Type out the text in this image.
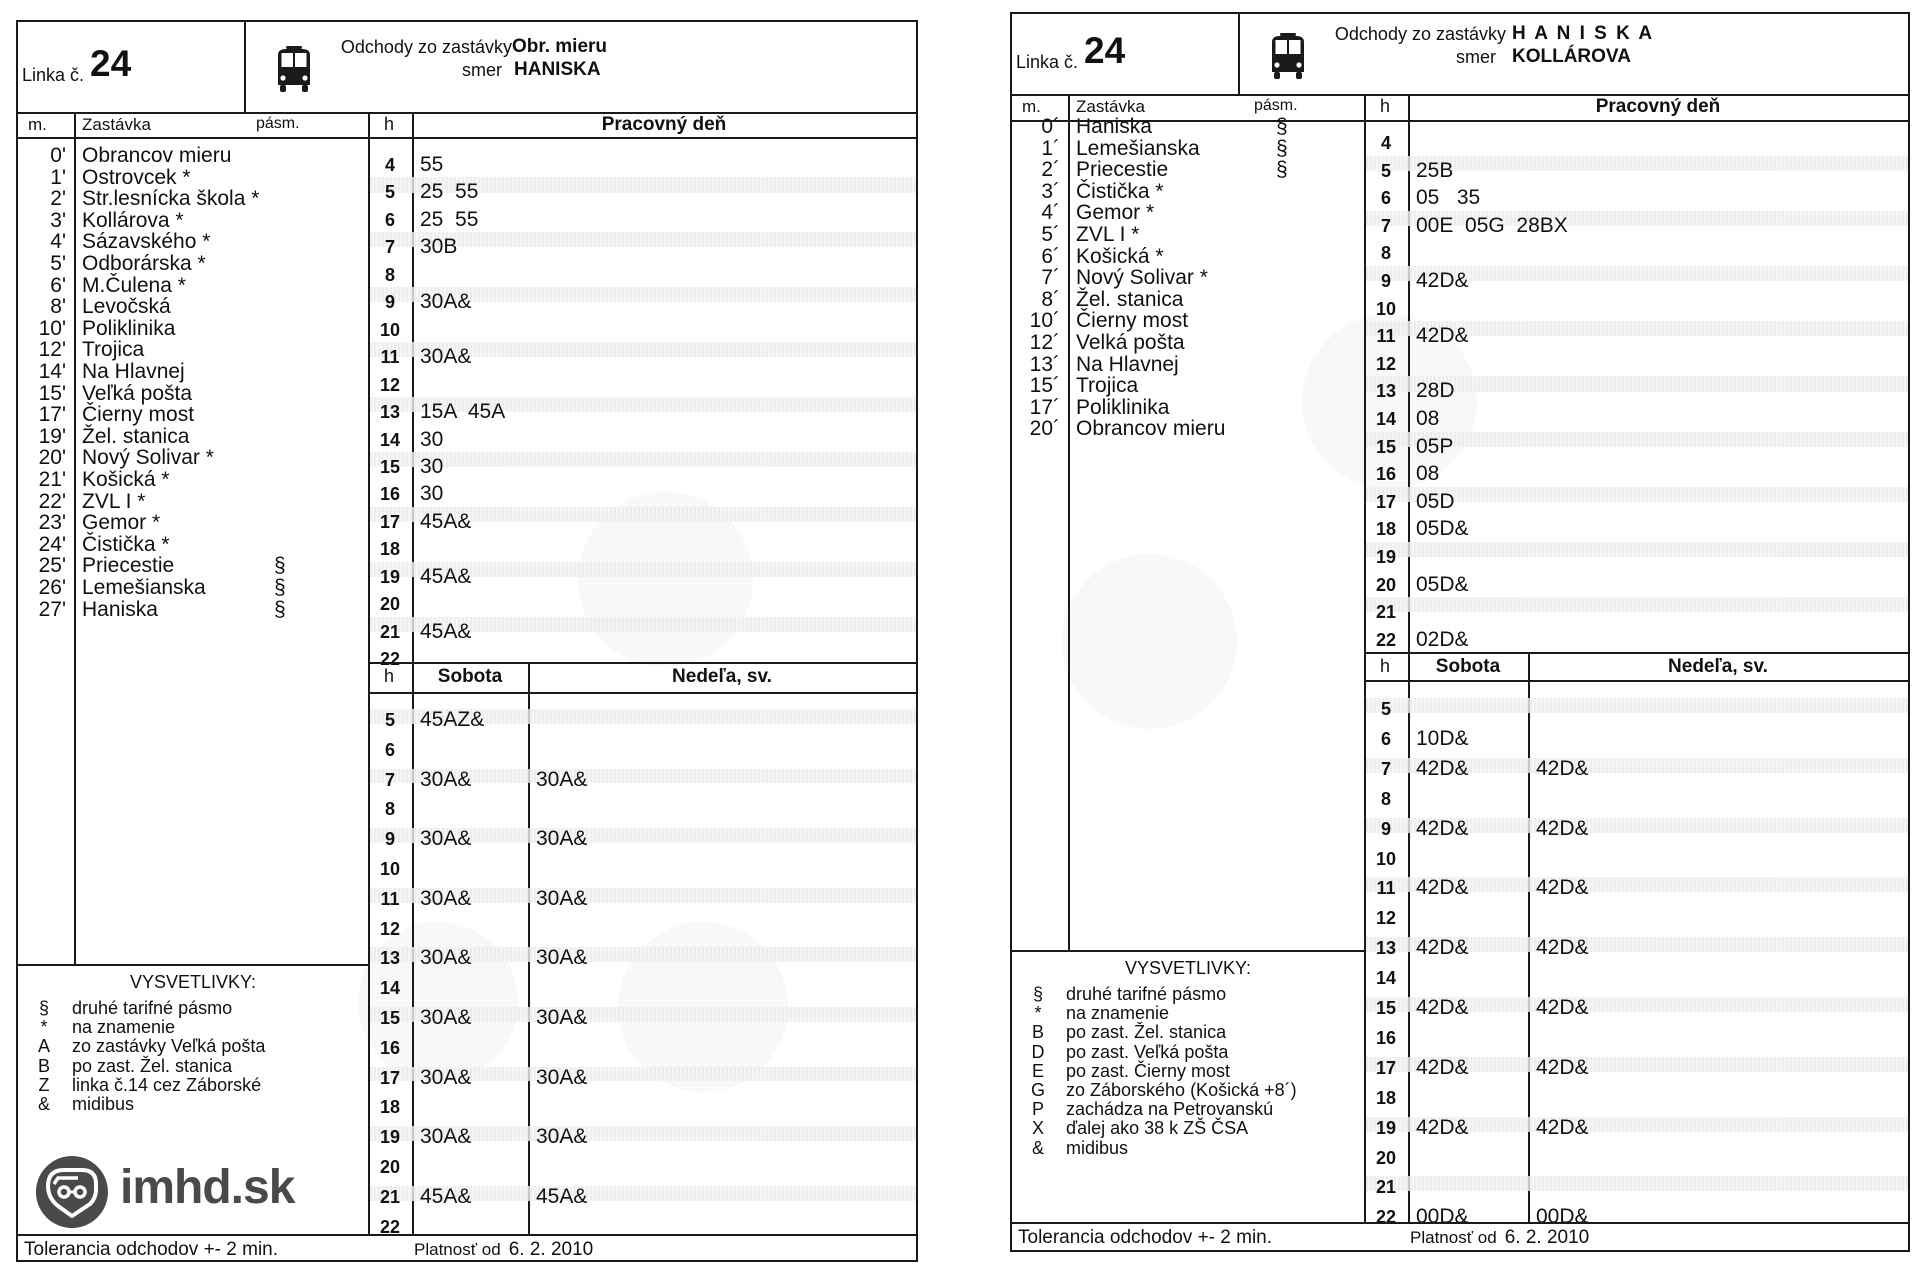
Linka č. 24	Odchody zo zastávky Obr. mieru
smer HANISKA
m. Zastávka	pásm.	h	Pracovný deň
0' Obrancov mieru
1' Ostrovcek *
2' Str.lesnícka škola *
3' Kollárova *
4' Sázavského *
5' Odborárska *
6' M.Čulena *
8' Levočská
10' Poliklinika
12' Trojica
14' Na Hlavnej
15' Veľká pošta
17' Čierny most
19' Žel. stanica
20' Nový Solivar *
21' Košická *
22' ZVL I *
23' Gemor *
24' Čistička *
25' Priecestie	§
26' Lemešianska	§
27' Haniska	§
4	55
5	25  55
6	25  55
7	30B
8
9	30A&
10
11 30A&
12
13 15A  45A
14 30
15 30
16 30
17 45A&
18
19 45A&
20
21 45A&
22
h	Sobota	Nedeľa, sv.
5	45AZ&
6
7	30A&	30A&
8
9	30A&	30A&
10
11 30A&	30A&
12
13 30A&	30A&
14
15 30A&	30A&
16
17 30A&	30A&
18
19 30A&	30A&
20
21 45A&	45A&
22
VYSVETLIVKY:
§	druhé tarifné pásmo
*	na znamenie
A	zo zastávky Veľká pošta
B	po zast. Žel. stanica
Z	linka č.14 cez Záborské
&	midibus
Tolerancia odchodov +- 2 min.	Platnosť od 6. 2. 2010
imhd.sk
Linka č. 24	Odchody zo zastávky H A N I S K A
smer KOLLÁROVA
m. Zastávka	pásm.	h	Pracovný deň
0´ Haniska	§
1´ Lemešianska	§
2´ Priecestie	§
3´ Čistička *
4´ Gemor *
5´ ZVL I *
6´ Košická *
7´ Nový Solivar *
8´ Žel. stanica
10´ Čierny most
12´ Velká pošta
13´ Na Hlavnej
15´ Trojica
17´ Poliklinika
20´ Obrancov mieru
4
5	25B
6	05   35
7	00E  05G  28BX
8
9	42D&
10
11 42D&
12
13 28D
14 08
15 05P
16 08
17 05D
18 05D&
19
20 05D&
21
22 02D&
h	Sobota	Nedeľa, sv.
5
6	10D&
7	42D&	42D&
8
9	42D&	42D&
10
11 42D&	42D&
12
13 42D&	42D&
14
15 42D&	42D&
16
17 42D&	42D&
18
19 42D&	42D&
20
21
22 00D&	00D&
VYSVETLIVKY:
§	druhé tarifné pásmo
*	na znamenie
B	po zast. Žel. stanica
D	po zast. Veľká pošta
E	po zast. Čierny most
G zo Záborského (Košická +8´)
P	zachádza na Petrovanskú
X	ďalej ako 38 k ZŠ ČSA
&	midibus
Tolerancia odchodov +- 2 min.	Platnosť od 6. 2. 2010
